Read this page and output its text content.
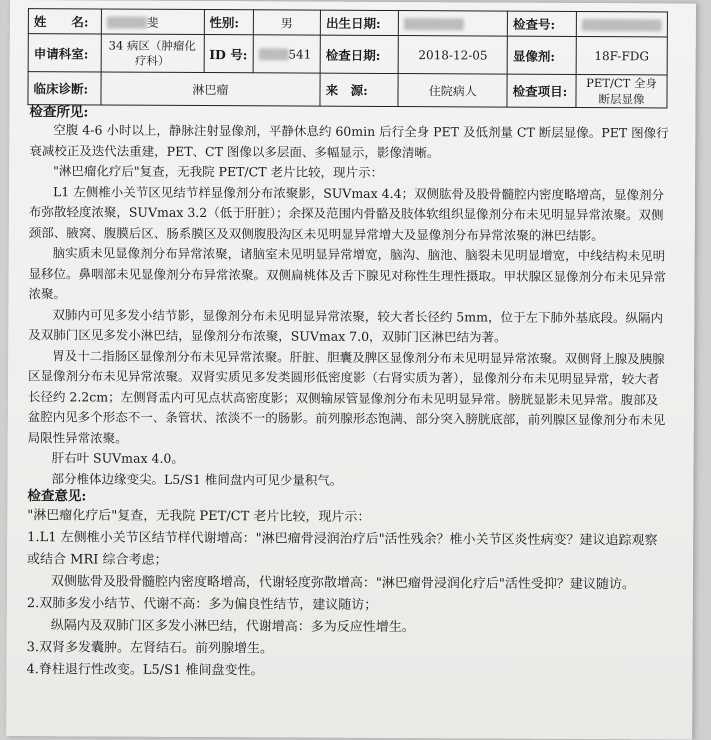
姓　　名:	斐	性别:	男	出生日期:		检查号:	
申请科室:	34 病区（肿瘤化疗科）	ID 号:	541	检查日期:	2018-12-05	显像剂:	18F-FDG
临床诊断:	淋巴瘤			来　源:	住院病人	检查项目:	PET/CT 全身断层显像
检查所见:

空腹 4-6 小时以上，静脉注射显像剂，平静休息约 60min 后行全身 PET 及低剂量 CT 断层显像。PET 图像行衰减校正及迭代法重建，PET、CT 图像以多层面、多幅显示，影像清晰。

"淋巴瘤化疗后"复查，无我院 PET/CT 老片比较，现片示：

L1 左侧椎小关节区见结节样显像剂分布浓聚影，SUVmax 4.4；双侧肱骨及股骨髓腔内密度略增高，显像剂分布弥散轻度浓聚，SUVmax 3.2（低于肝脏）；余探及范围内骨骼及肢体软组织显像剂分布未见明显异常浓聚。双侧颈部、腋窝、腹膜后区、肠系膜区及双侧腹股沟区未见明显异常增大及显像剂分布异常浓聚的淋巴结影。

脑实质未见显像剂分布异常浓聚，诸脑室未见明显异常增宽，脑沟、脑池、脑裂未见明显增宽，中线结构未见明显移位。鼻咽部未见显像剂分布异常浓聚。双侧扁桃体及舌下腺见对称性生理性摄取。甲状腺区显像剂分布未见异常浓聚。

双肺内可见多发小结节影，显像剂分布未见明显异常浓聚，较大者长径约 5mm，位于左下肺外基底段。纵隔内及双肺门区见多发小淋巴结，显像剂分布浓聚，SUVmax 7.0，双肺门区淋巴结为著。

胃及十二指肠区显像剂分布未见异常浓聚。肝脏、胆囊及脾区显像剂分布未见明显异常浓聚。双侧肾上腺及胰腺区显像剂分布未见异常浓聚。双肾实质见多发类圆形低密度影（右肾实质为著），显像剂分布未见明显异常，较大者长径约 2.2cm；左侧肾盂内可见点状高密度影；双侧输尿管显像剂分布未见明显异常。膀胱显影未见异常。腹部及盆腔内见多个形态不一、条管状、浓淡不一的肠影。前列腺形态饱满、部分突入膀胱底部，前列腺区显像剂分布未见局限性异常浓聚。

肝右叶 SUVmax 4.0。

部分椎体边缘变尖。L5/S1 椎间盘内可见少量积气。

检查意见:

"淋巴瘤化疗后"复查，无我院 PET/CT 老片比较，现片示：

1.L1 左侧椎小关节区结节样代谢增高："淋巴瘤骨浸润治疗后"活性残余？椎小关节区炎性病变？建议追踪观察或结合 MRI 综合考虑；

双侧肱骨及股骨髓腔内密度略增高，代谢轻度弥散增高："淋巴瘤骨浸润化疗后"活性受抑？建议随访。

2.双肺多发小结节、代谢不高：多为偏良性结节，建议随访；

纵隔内及双肺门区多发小淋巴结，代谢增高：多为反应性增生。

3.双肾多发囊肿。左肾结石。前列腺增生。

4.脊柱退行性改变。L5/S1 椎间盘变性。
